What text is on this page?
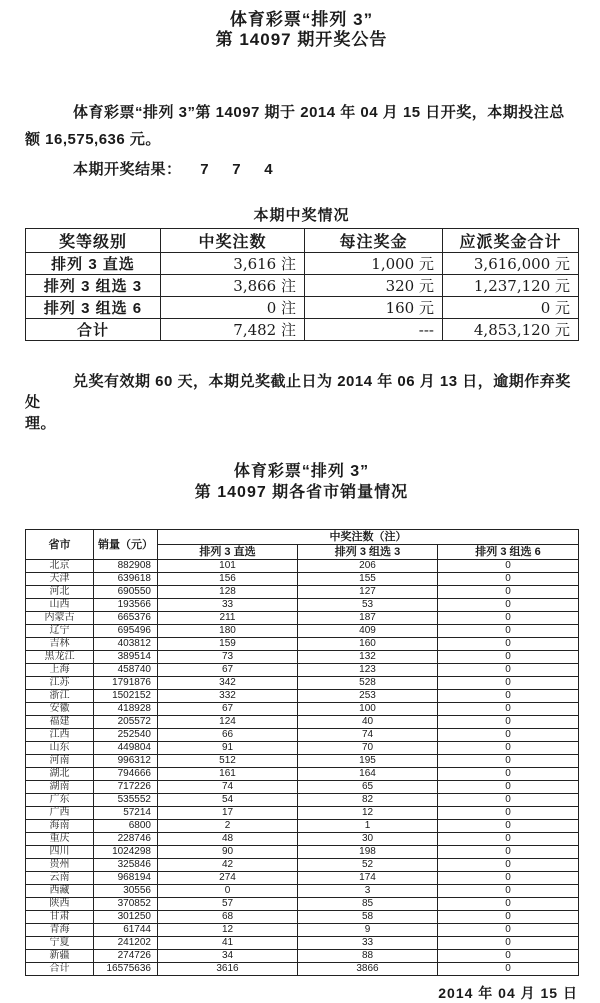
体育彩票“排列 3”
第 14097 期开奖公告
体育彩票“排列 3”第 14097 期于 2014 年 04 月 15 日开奖，本期投注总
额 16,575,636 元。
本期开奖结果： 7 7 4
本期中奖情况
奖等级别	中奖注数	每注奖金	应派奖金合计
排列 3 直选	3,616 注	1,000 元	3,616,000 元
排列 3 组选 3	3,866 注	320 元	1,237,120 元
排列 3 组选 6	0 注	160 元	0 元
合计	7,482 注	---	4,853,120 元
兑奖有效期 60 天，本期兑奖截止日为 2014 年 06 月 13 日，逾期作弃奖处
理。
体育彩票“排列 3”
第 14097 期各省市销量情况
省市	销量（元）	中奖注数（注）		
		排列 3 直选	排列 3 组选 3	排列 3 组选 6
北京	882908	101	206	0
天津	639618	156	155	0
河北	690550	128	127	0
山西	193566	33	53	0
内蒙古	665376	211	187	0
辽宁	695496	180	409	0
吉林	403812	159	160	0
黑龙江	389514	73	132	0
上海	458740	67	123	0
江苏	1791876	342	528	0
浙江	1502152	332	253	0
安徽	418928	67	100	0
福建	205572	124	40	0
江西	252540	66	74	0
山东	449804	91	70	0
河南	996312	512	195	0
湖北	794666	161	164	0
湖南	717226	74	65	0
广东	535552	54	82	0
广西	57214	17	12	0
海南	6800	2	1	0
重庆	228746	48	30	0
四川	1024298	90	198	0
贵州	325846	42	52	0
云南	968194	274	174	0
西藏	30556	0	3	0
陕西	370852	57	85	0
甘肃	301250	68	58	0
青海	61744	12	9	0
宁夏	241202	41	33	0
新疆	274726	34	88	0
合计	16575636	3616	3866	0
2014 年 04 月 15 日
